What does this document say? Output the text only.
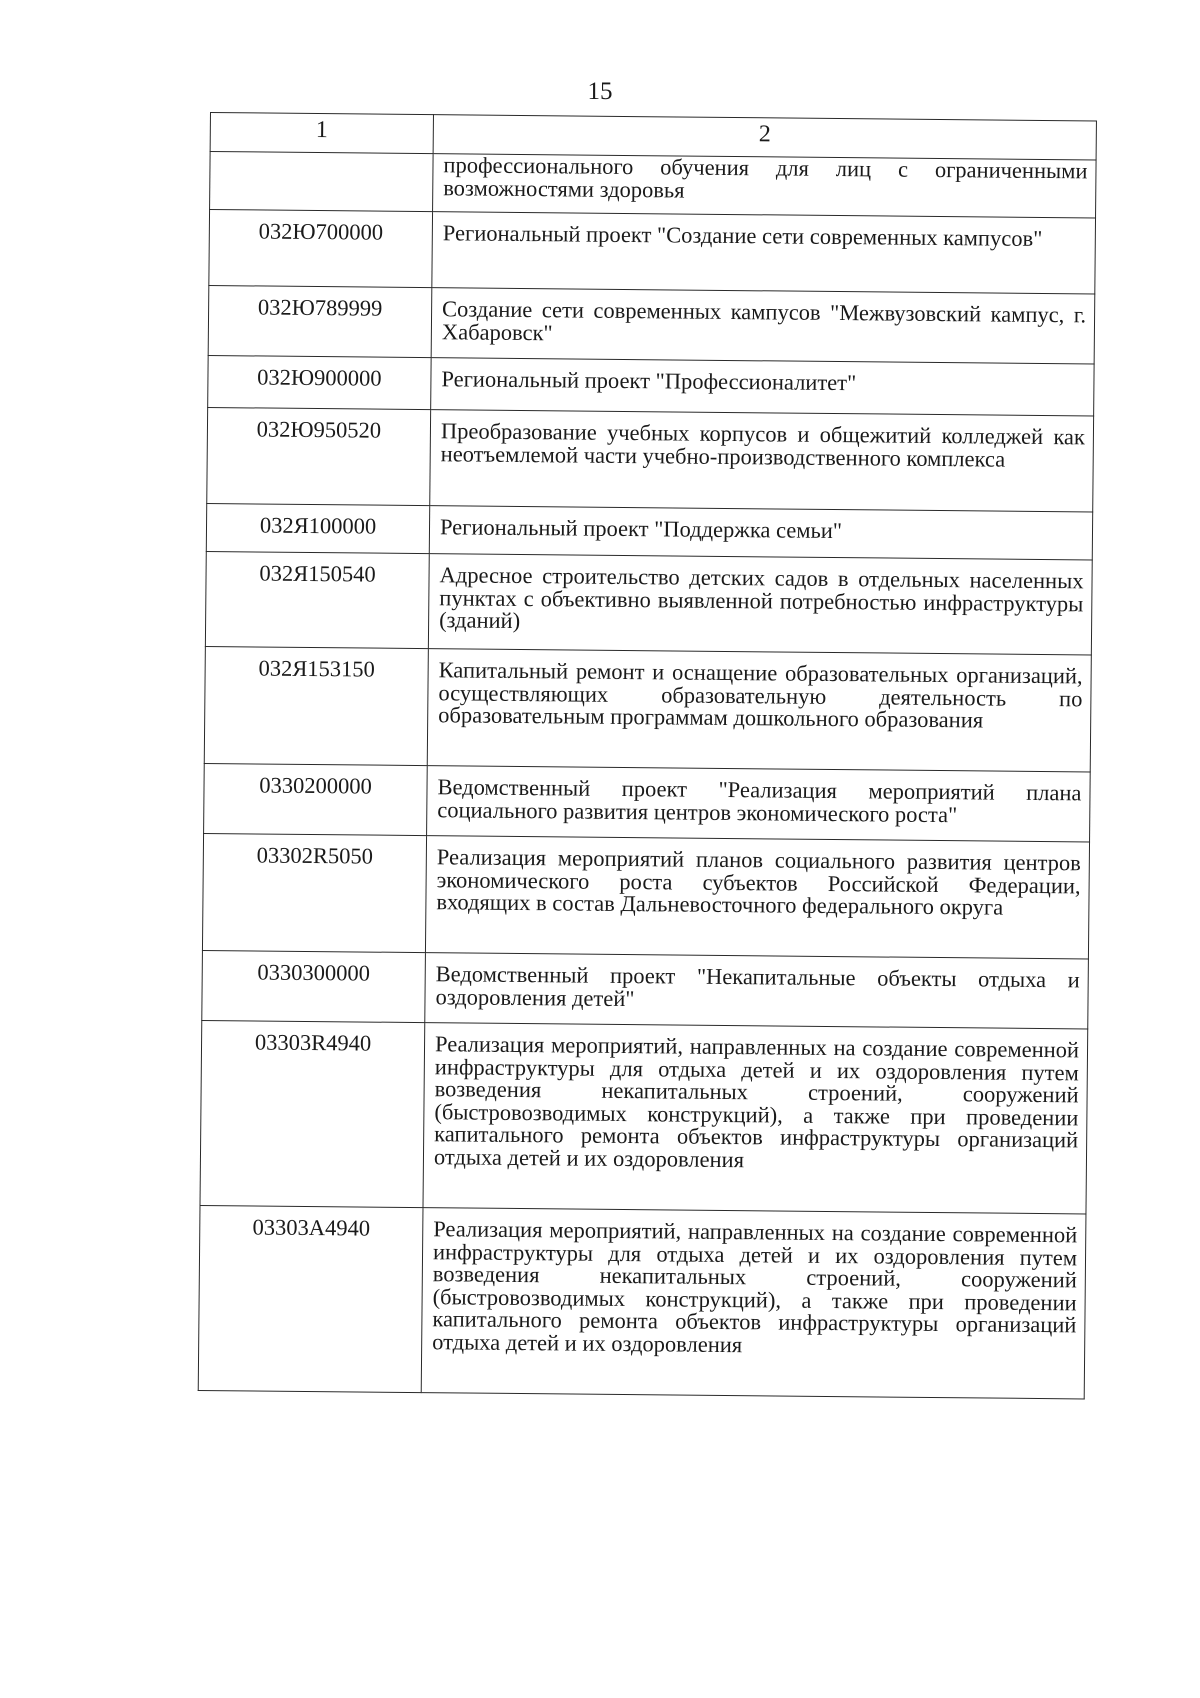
15
1	2
	профессионального обучения для лиц с ограниченными возможностями здоровья
032Ю700000	Региональный проект "Создание сети современных кампусов"
032Ю789999	Создание сети современных кампусов "Межвузовский кампус, г. Хабаровск"
032Ю900000	Региональный проект "Профессионалитет"
032Ю950520	Преобразование учебных корпусов и общежитий колледжей как неотъемлемой части учебно-производственного комплекса
032Я100000	Региональный проект "Поддержка семьи"
032Я150540	Адресное строительство детских садов в отдельных населенных пунктах с объективно выявленной потребностью инфраструктуры (зданий)
032Я153150	Капитальный ремонт и оснащение образовательных организаций, осуществляющих образовательную деятельность по образовательным программам дошкольного образования
0330200000	Ведомственный проект "Реализация мероприятий плана социального развития центров экономического роста"
03302R5050	Реализация мероприятий планов социального развития центров экономического роста субъектов Российской Федерации, входящих в состав Дальневосточного федерального округа
0330300000	Ведомственный проект "Некапитальные объекты отдыха и оздоровления детей"
03303R4940	Реализация мероприятий, направленных на создание современной инфраструктуры для отдыха детей и их оздоровления путем возведения некапитальных строений, сооружений (быстровозводимых конструкций), а также при проведении капитального ремонта объектов инфраструктуры организаций отдыха детей и их оздоровления
03303A4940	Реализация мероприятий, направленных на создание современной инфраструктуры для отдыха детей и их оздоровления путем возведения некапитальных строений, сооружений (быстровозводимых конструкций), а также при проведении капитального ремонта объектов инфраструктуры организаций отдыха детей и их оздоровления
